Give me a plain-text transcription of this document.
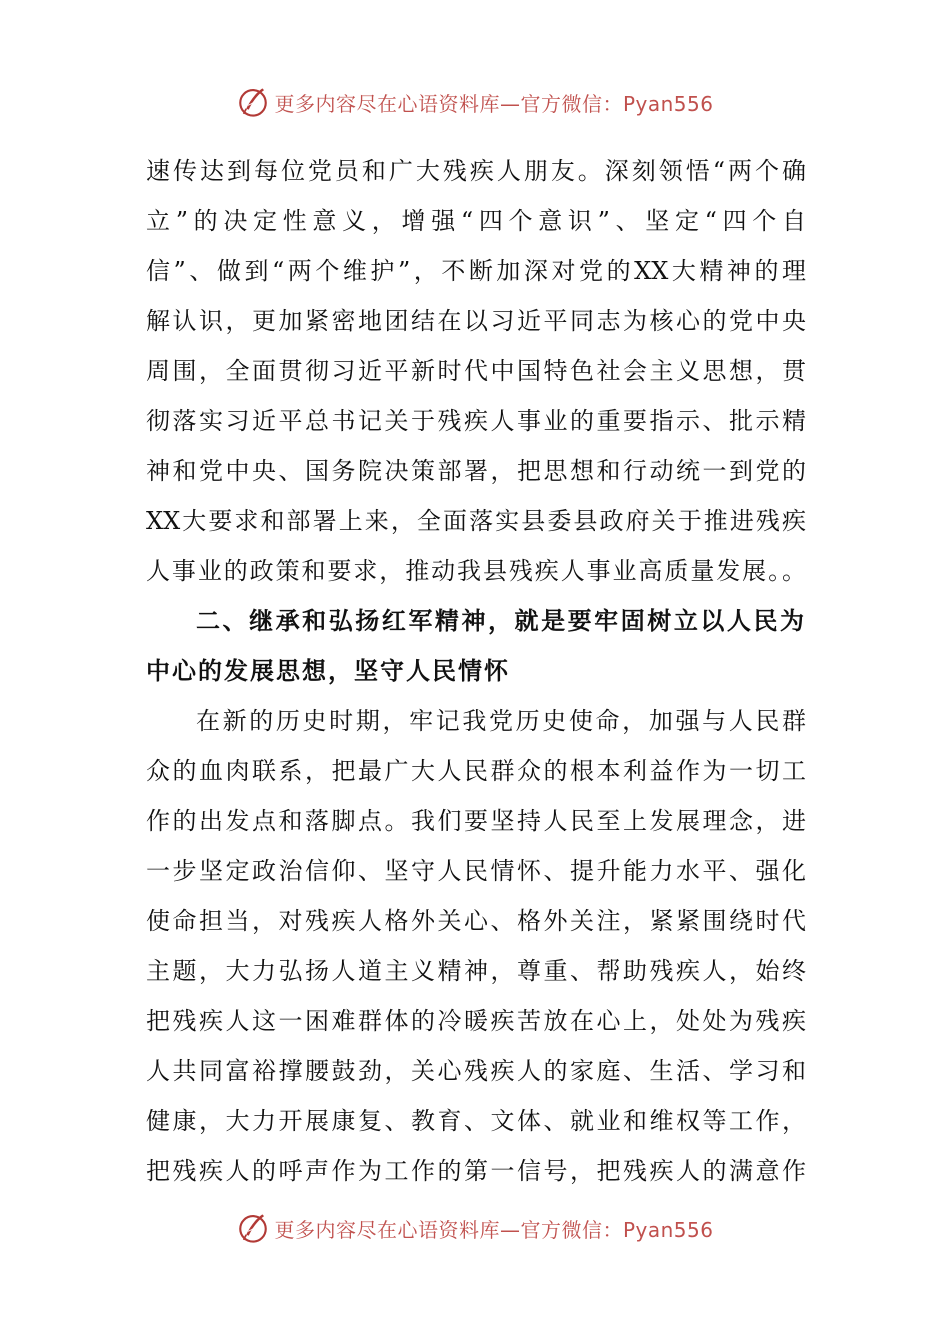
更多内容尽在心语资料库—官方微信：Pyan556
速传达到每位党员和广大残疾人朋友。深刻领悟“两个确
立”的决定性意义，增强“四个意识”、坚定“四个自
信”、做到“两个维护”，不断加深对党的XX大精神的理
解认识，更加紧密地团结在以习近平同志为核心的党中央
周围，全面贯彻习近平新时代中国特色社会主义思想，贯
彻落实习近平总书记关于残疾人事业的重要指示、批示精
神和党中央、国务院决策部署，把思想和行动统一到党的
XX大要求和部署上来，全面落实县委县政府关于推进残疾
人事业的政策和要求，推动我县残疾人事业高质量发展。。
二、继承和弘扬红军精神，就是要牢固树立以人民为
中心的发展思想，坚守人民情怀
在新的历史时期，牢记我党历史使命，加强与人民群
众的血肉联系，把最广大人民群众的根本利益作为一切工
作的出发点和落脚点。我们要坚持人民至上发展理念，进
一步坚定政治信仰、坚守人民情怀、提升能力水平、强化
使命担当，对残疾人格外关心、格外关注，紧紧围绕时代
主题，大力弘扬人道主义精神，尊重、帮助残疾人，始终
把残疾人这一困难群体的冷暖疾苦放在心上，处处为残疾
人共同富裕撑腰鼓劲，关心残疾人的家庭、生活、学习和
健康，大力开展康复、教育、文体、就业和维权等工作，
把残疾人的呼声作为工作的第一信号，把残疾人的满意作
更多内容尽在心语资料库—官方微信：Pyan556
